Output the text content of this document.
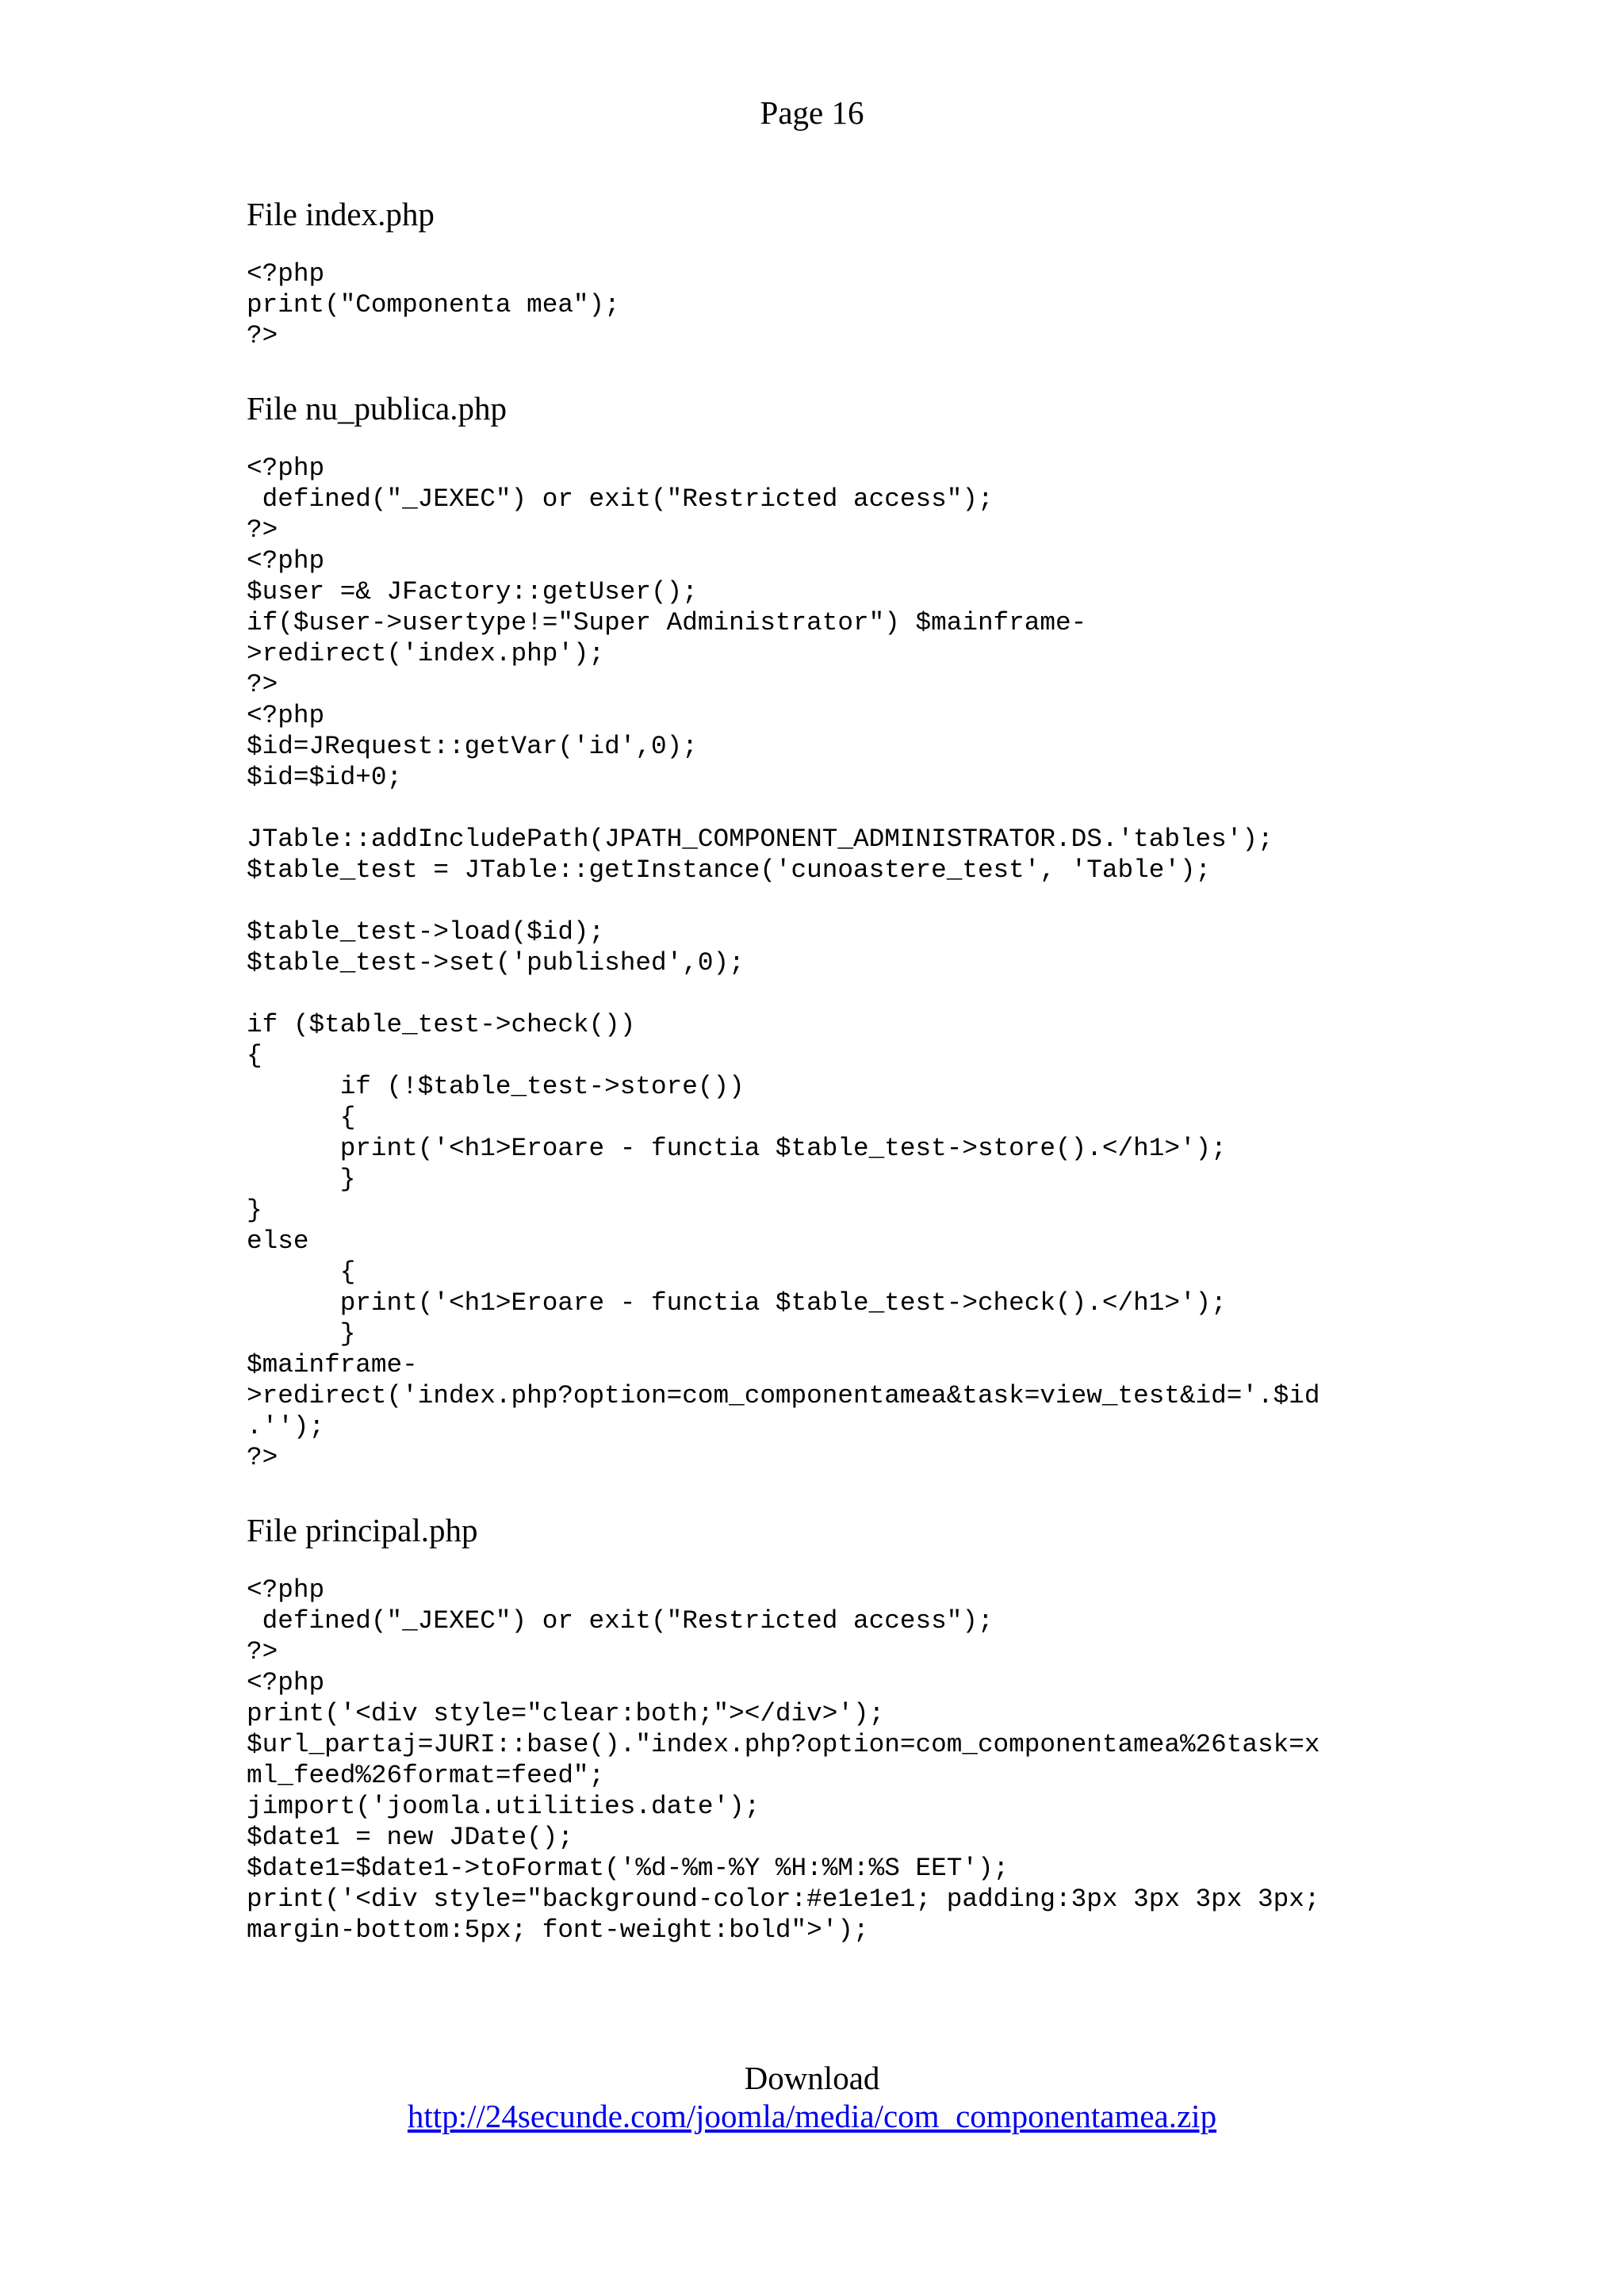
Page 16
File index.php
<?php
print("Componenta mea");
?>
File nu_publica.php
<?php
defined("_JEXEC") or exit("Restricted access");
?>
<?php
$user =& JFactory::getUser();
if($user->usertype!="Super Administrator") $mainframe-
>redirect('index.php');
?>
<?php
$id=JRequest::getVar('id',0);
$id=$id+0;
JTable::addIncludePath(JPATH_COMPONENT_ADMINISTRATOR.DS.'tables');
$table_test = JTable::getInstance('cunoastere_test', 'Table');
$table_test->load($id);
$table_test->set('published',0);
if ($table_test->check())
{
if (!$table_test->store())
{
print('<h1>Eroare - functia $table_test->store().</h1>');
}
}
else
{
print('<h1>Eroare - functia $table_test->check().</h1>');
}
$mainframe-
>redirect('index.php?option=com_componentamea&task=view_test&id='.$id
.'');
?>
File principal.php
<?php
defined("_JEXEC") or exit("Restricted access");
?>
<?php
print('<div style="clear:both;"></div>');
$url_partaj=JURI::base()."index.php?option=com_componentamea%26task=x
ml_feed%26format=feed";
jimport('joomla.utilities.date');
$date1 = new JDate();
$date1=$date1->toFormat('%d-%m-%Y %H:%M:%S EET');
print('<div style="background-color:#e1e1e1; padding:3px 3px 3px 3px;
margin-bottom:5px; font-weight:bold">');
Download
http://24secunde.com/joomla/media/com_componentamea.zip
